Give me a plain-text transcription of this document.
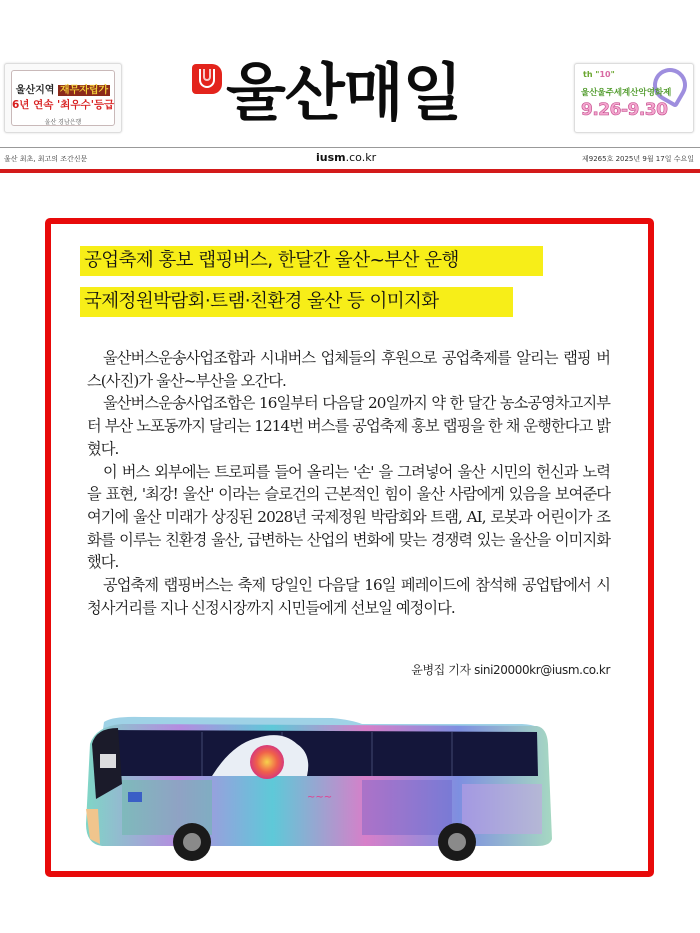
울산지역 재무자립가
6년 연속 '최우수'등급
울산 경남은행	울산매일	th "10"
울산울주세계산악영화제
9.26-9.30
울산 최초, 최고의 조간신문	iusm.co.kr	제9265호 2025년 9월 17일 수요일
공업축제 홍보 랩핑버스, 한달간 울산~부산 운행
국제정원박람회·트램·친환경 울산 등 이미지화

울산버스운송사업조합과 시내버스 업체들의 후원으로 공업축제를 알리는 랩핑 버스(사진)가 울산~부산을 오간다.

울산버스운송사업조합은 16일부터 다음달 20일까지 약 한 달간 농소공영차고지부터 부산 노포동까지 달리는 1214번 버스를 공업축제 홍보 랩핑을 한 채 운행한다고 밝혔다.

이 버스 외부에는 트로피를 들어 올리는 '손' 을 그려넣어 울산 시민의 헌신과 노력을 표현, '최강! 울산' 이라는 슬로건의 근본적인 힘이 울산 사람에게 있음을 보여준다 여기에 울산 미래가 상징된 2028년 국제정원 박람회와 트램, AI, 로봇과 어린이가 조화를 이루는 친환경 울산, 급변하는 산업의 변화에 맞는 경쟁력 있는 울산을 이미지화했다.

공업축제 랩핑버스는 축제 당일인 다음달 16일 페레이드에 참석해 공업탑에서 시청사거리를 지나 신정시장까지 시민들에게 선보일 예정이다.

윤병집 기자 sini20000kr@iusm.co.kr
~~~
